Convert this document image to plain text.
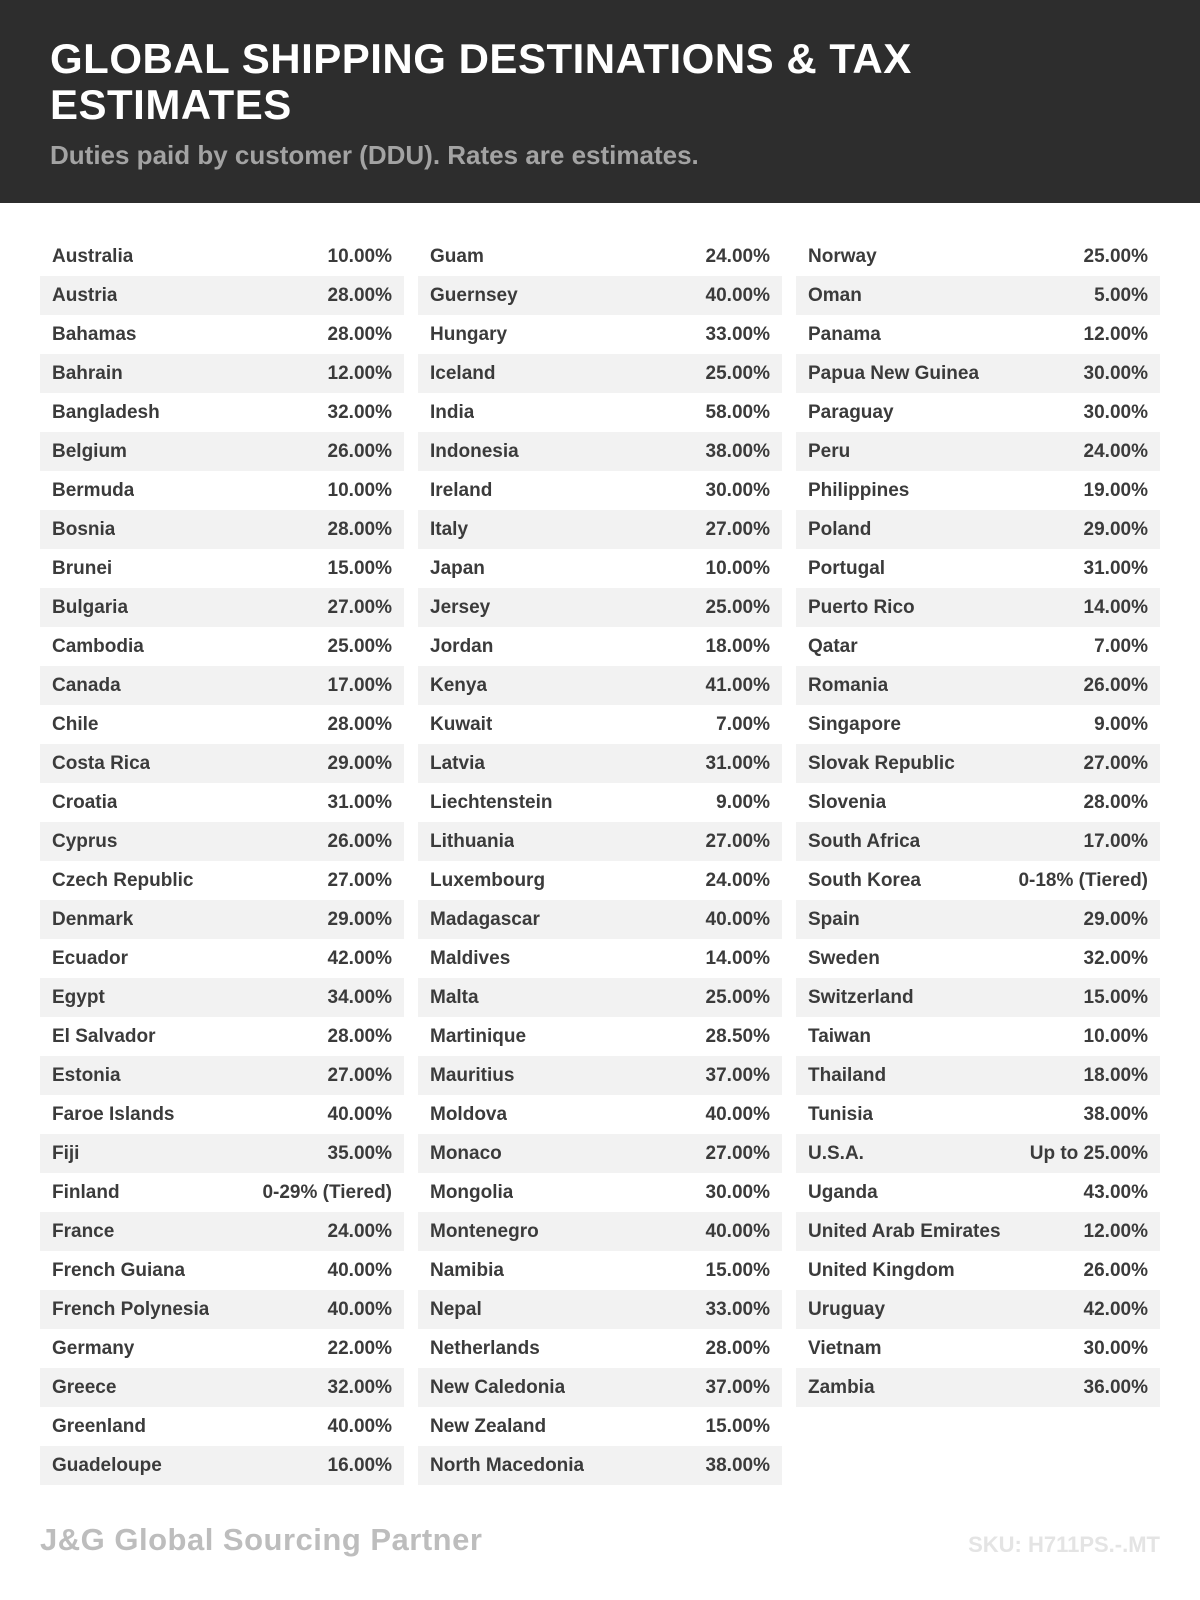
GLOBAL SHIPPING DESTINATIONS & TAX ESTIMATES
Duties paid by customer (DDU). Rates are estimates.
Australia	10.00%
Austria	28.00%
Bahamas	28.00%
Bahrain	12.00%
Bangladesh	32.00%
Belgium	26.00%
Bermuda	10.00%
Bosnia	28.00%
Brunei	15.00%
Bulgaria	27.00%
Cambodia	25.00%
Canada	17.00%
Chile	28.00%
Costa Rica	29.00%
Croatia	31.00%
Cyprus	26.00%
Czech Republic	27.00%
Denmark	29.00%
Ecuador	42.00%
Egypt	34.00%
El Salvador	28.00%
Estonia	27.00%
Faroe Islands	40.00%
Fiji	35.00%
Finland	0-29% (Tiered)
France	24.00%
French Guiana	40.00%
French Polynesia	40.00%
Germany	22.00%
Greece	32.00%
Greenland	40.00%
Guadeloupe	16.00%
Guam	24.00%
Guernsey	40.00%
Hungary	33.00%
Iceland	25.00%
India	58.00%
Indonesia	38.00%
Ireland	30.00%
Italy	27.00%
Japan	10.00%
Jersey	25.00%
Jordan	18.00%
Kenya	41.00%
Kuwait	7.00%
Latvia	31.00%
Liechtenstein	9.00%
Lithuania	27.00%
Luxembourg	24.00%
Madagascar	40.00%
Maldives	14.00%
Malta	25.00%
Martinique	28.50%
Mauritius	37.00%
Moldova	40.00%
Monaco	27.00%
Mongolia	30.00%
Montenegro	40.00%
Namibia	15.00%
Nepal	33.00%
Netherlands	28.00%
New Caledonia	37.00%
New Zealand	15.00%
North Macedonia	38.00%
Norway	25.00%
Oman	5.00%
Panama	12.00%
Papua New Guinea	30.00%
Paraguay	30.00%
Peru	24.00%
Philippines	19.00%
Poland	29.00%
Portugal	31.00%
Puerto Rico	14.00%
Qatar	7.00%
Romania	26.00%
Singapore	9.00%
Slovak Republic	27.00%
Slovenia	28.00%
South Africa	17.00%
South Korea	0-18% (Tiered)
Spain	29.00%
Sweden	32.00%
Switzerland	15.00%
Taiwan	10.00%
Thailand	18.00%
Tunisia	38.00%
U.S.A.	Up to 25.00%
Uganda	43.00%
United Arab Emirates	12.00%
United Kingdom	26.00%
Uruguay	42.00%
Vietnam	30.00%
Zambia	36.00%
J&G Global Sourcing Partner	SKU: H711PS.-.MT
